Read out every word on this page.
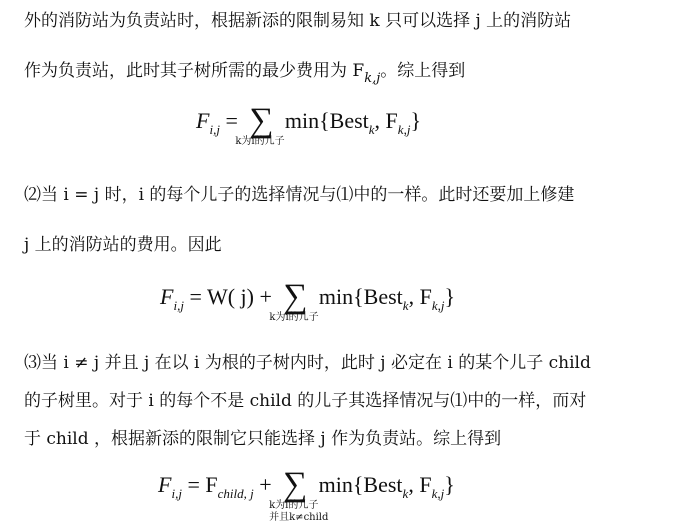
外的消防站为负责站时，根据新添的限制易知 k 只可以选择 j 上的消防站
作为负责站，此时其子树所需的最少费用为 $F_{k,j}$。综上得到
$F_{i,j}$ = ∑
k为i的儿子
min{Best$_k$, $F_{k,j}$}
⑵当 i = j 时，i 的每个儿子的选择情况与⑴中的一样。此时还要加上修建
j 上的消防站的费用。因此
$F_{i,j} = W$( j) + ∑
k为i的儿子
min{Best$_k$, $F_{k,j}$}
⑶当 i ≠ j 并且 j 在以 i 为根的子树内时，此时 j 必定在 i 的某个儿子 child
的子树里。对于 i 的每个不是 child 的儿子其选择情况与⑴中的一样，而对
于 child ，根据新添的限制它只能选择 j 作为负责站。综上得到
$F_{i,j} = F_{child, j}$ + ∑
k为i的儿子
并且k≠child
min{Best$_k$, $F_{k,j}$}
